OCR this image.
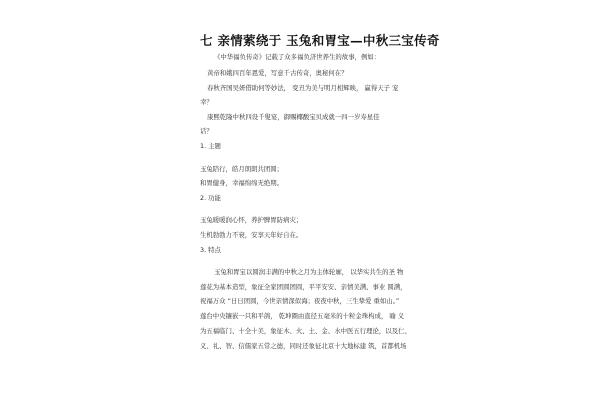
七 亲情萦绕于 玉兔和胃宝—中秋三宝传奇
《中华福负传奇》记载了众多福负济世养生的故事，例如：
黄帝和娥四百年恩爱，写意千古传奇，奥秘何在？
春秋齐国吴妍借助何等妙法， 变丑为美与明月相辉映， 赢得天子 宠
幸？
康熙乾隆中秋四设千叟宴，御赐椰酸宝贝成就一四一岁寿星佳
话？
1. 主题
玉兔陪行，皓月朗朗共团圆；
和胃健身，幸福绵绵无绝期。
2. 功能
玉兔暖暖润心怀，养护脾胃防病灾；
生机勃勃力不衰，安享天年好自在。
3. 特点
玉兔和胃宝以圆润丰满的中秋之月为主体轮廓， 以华实共生的圣 物
莲花为基本造型，象征全家团圆团圆，平平安安、亲情美满、事业 圆满，
祝福万众 “日日团圆，今世亲情深似海；夜夜中秋，三生挚爱 重如山。”
莲台中央镶嵌一只和平鸽， 乾坤圈由直径五毫米的十粒金珠构成， 喻 义
为五福临门、十全十美，象征木、火、土、金、水中医五行理论，以及仁、
义、礼、智、信儒家五常之德，同时还象征北京十大地标建 筑，首都机场
